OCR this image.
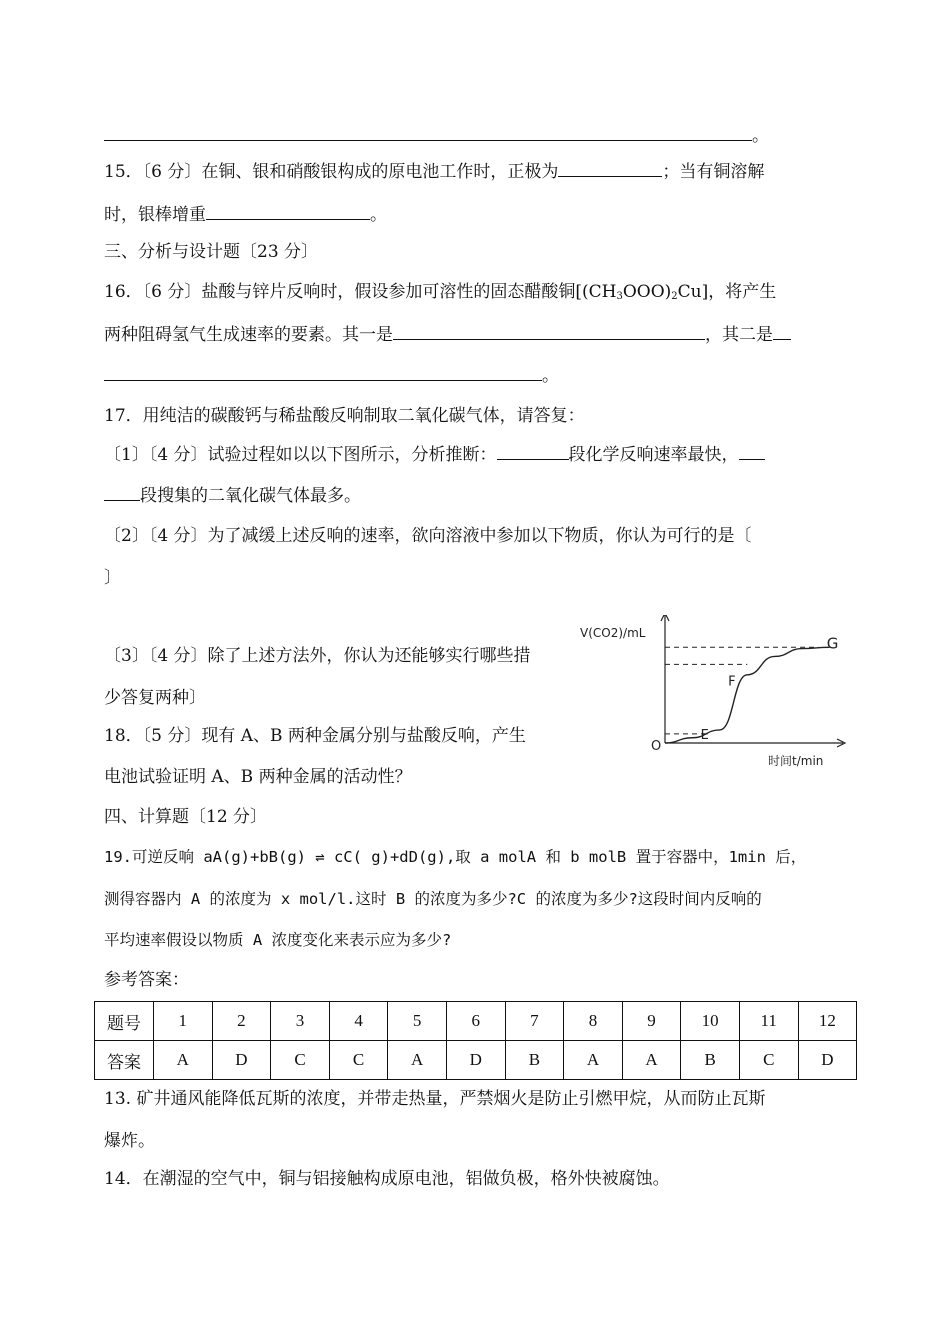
。
15．〔6 分〕在铜、银和硝酸银构成的原电池工作时，正极为	；当有铜溶解
时，银棒增重	。
三、分析与设计题〔23 分〕
16．〔6 分〕盐酸与锌片反响时，假设参加可溶性的固态醋酸铜$[(CH_3OOO)_2Cu]$，将产生
两种阻碍氢气生成速率的要素。其一是	，其二是
。
17．用纯洁的碳酸钙与稀盐酸反响制取二氧化碳气体，请答复：
〔1〕〔4 分〕试验过程如以以下图所示，分析推断：	段化学反响速率最快，
段搜集的二氧化碳气体最多。
〔2〕〔4 分〕为了减缓上述反响的速率，欲向溶液中参加以下物质，你认为可行的是〔
〕
〔3〕〔4 分〕除了上述方法外，你认为还能够实行哪些措
少答复两种〕
18．〔5 分〕现有 A、B 两种金属分别与盐酸反响，产生
电池试验证明 A、B 两种金属的活动性？
四、计算题〔12 分〕
19.可逆反响 aA(g)+bB(g) ⇌ cC( g)+dD(g),取 a molA 和 b molB 置于容器中，1min 后，
测得容器内 A 的浓度为 x mol/l.这时 B 的浓度为多少?C 的浓度为多少?这段时间内反响的
平均速率假设以物质 A 浓度变化来表示应为多少?
参考答案：
题号	1	2	3	4	5	6	7	8	9	10	11	12
答案	A	D	C	C	A	D	B	A	A	B	C	D
13. 矿井通风能降低瓦斯的浓度，并带走热量，严禁烟火是防止引燃甲烷，从而防止瓦斯
爆炸。
14．在潮湿的空气中，铜与铝接触构成原电池，铝做负极，格外快被腐蚀。
V(CO2)/mL
时间t/min
O
E
F
G
